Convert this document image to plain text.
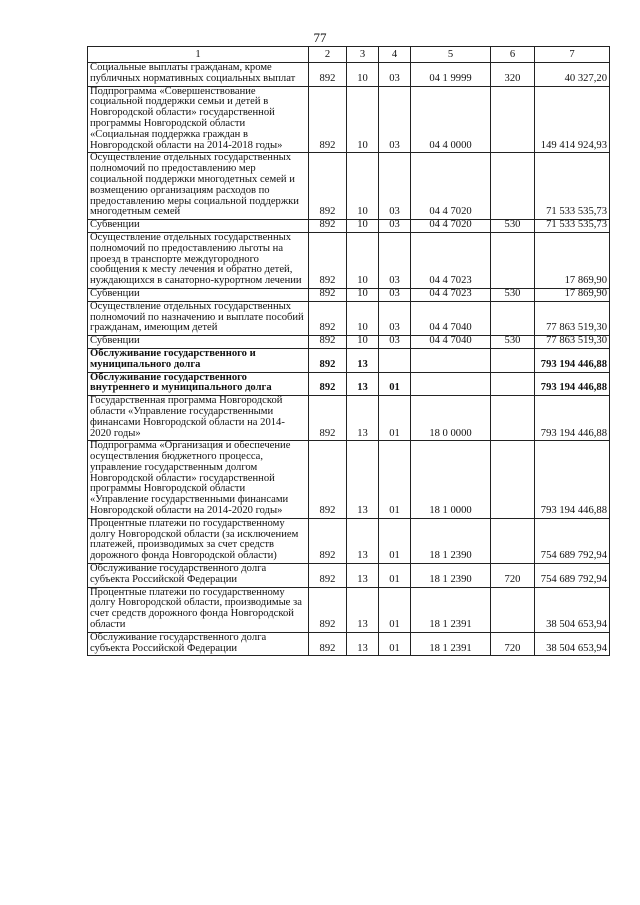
77
1	2	3	4	5	6	7
Социальные выплаты гражданам, кроме публичных нормативных социальных выплат	892	10	03	04 1 9999	320	40 327,20
Подпрограмма «Совершенствование социальной поддержки семьи и детей в Новгородской области» государственной программы Новгородской области «Социальная поддержка граждан в Новгородской области на 2014-2018 годы»	892	10	03	04 4 0000		149 414 924,93
Осуществление отдельных государственных полномочий по предоставлению мер социальной поддержки многодетных семей и возмещению организациям расходов по предоставлению меры социальной поддержки многодетным семей	892	10	03	04 4 7020		71 533 535,73
Субвенции	892	10	03	04 4 7020	530	71 533 535,73
Осуществление отдельных государственных полномочий по предоставлению льготы на проезд в транспорте междугородного сообщения к месту лечения и обратно детей, нуждающихся в санаторно-курортном лечении	892	10	03	04 4 7023		17 869,90
Субвенции	892	10	03	04 4 7023	530	17 869,90
Осуществление отдельных государственных полномочий по назначению и выплате пособий гражданам, имеющим детей	892	10	03	04 4 7040		77 863 519,30
Субвенции	892	10	03	04 4 7040	530	77 863 519,30
Обслуживание государственного и муниципального долга	892	13				793 194 446,88
Обслуживание государственного внутреннего и муниципального долга	892	13	01			793 194 446,88
Государственная программа Новгородской области «Управление государственными финансами Новгородской области на 2014-2020 годы»	892	13	01	18 0 0000		793 194 446,88
Подпрограмма «Организация и обеспечение осуществления бюджетного процесса, управление государственным долгом Новгородской области» государственной программы Новгородской области «Управление государственными финансами Новгородской области на 2014-2020 годы»	892	13	01	18 1 0000		793 194 446,88
Процентные платежи по государственному долгу Новгородской области (за исключением платежей, производимых за счет средств дорожного фонда Новгородской области)	892	13	01	18 1 2390		754 689 792,94
Обслуживание государственного долга субъекта Российской Федерации	892	13	01	18 1 2390	720	754 689 792,94
Процентные платежи по государственному долгу Новгородской области, производимые за счет средств дорожного фонда Новгородской области	892	13	01	18 1 2391		38 504 653,94
Обслуживание государственного долга субъекта Российской Федерации	892	13	01	18 1 2391	720	38 504 653,94
